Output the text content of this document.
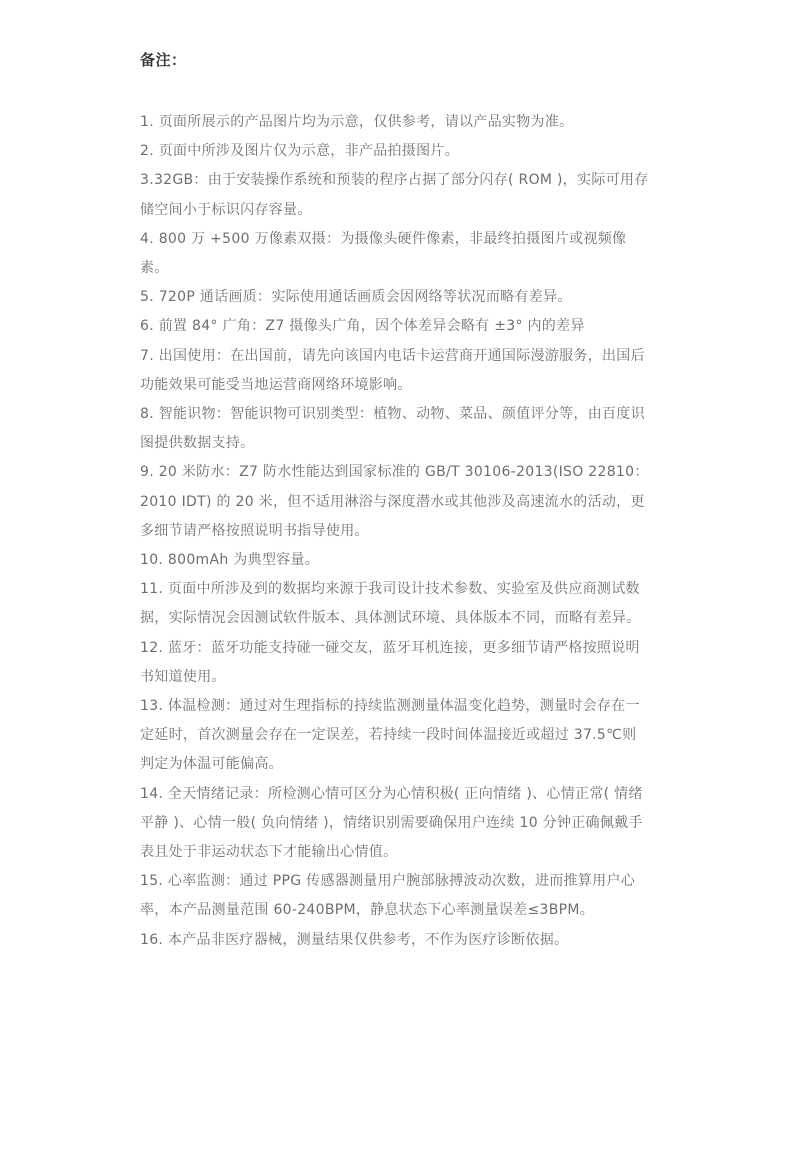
备注：
1. 页面所展示的产品图片均为示意，仅供参考，请以产品实物为准。
2. 页面中所涉及图片仅为示意，非产品拍摄图片。
3.32GB：由于安装操作系统和预装的程序占据了部分闪存( ROM )，实际可用存储空间小于标识闪存容量。
4. 800 万 +500 万像素双摄：为摄像头硬件像素，非最终拍摄图片或视频像素。
5. 720P 通话画质：实际使用通话画质会因网络等状况而略有差异。
6. 前置 84° 广角：Z7 摄像头广角，因个体差异会略有 ±3° 内的差异
7. 出国使用：在出国前，请先向该国内电话卡运营商开通国际漫游服务，出国后功能效果可能受当地运营商网络环境影响。
8. 智能识物：智能识物可识别类型：植物、动物、菜品、颜值评分等，由百度识图提供数据支持。
9. 20 米防水：Z7 防水性能达到国家标准的 GB/T 30106-2013(ISO 22810：2010 IDT) 的 20 米，但不适用淋浴与深度潜水或其他涉及高速流水的活动，更多细节请严格按照说明书指导使用。
10. 800mAh 为典型容量。
11. 页面中所涉及到的数据均来源于我司设计技术参数、实验室及供应商测试数据，实际情况会因测试软件版本、具体测试环境、具体版本不同，而略有差异。
12. 蓝牙：蓝牙功能支持碰一碰交友，蓝牙耳机连接，更多细节请严格按照说明书知道使用。
13. 体温检测：通过对生理指标的持续监测测量体温变化趋势，测量时会存在一定延时，首次测量会存在一定误差，若持续一段时间体温接近或超过 37.5℃则判定为体温可能偏高。
14. 全天情绪记录：所检测心情可区分为心情积极( 正向情绪 )、心情正常( 情绪平静 )、心情一般( 负向情绪 )，情绪识别需要确保用户连续 10 分钟正确佩戴手表且处于非运动状态下才能输出心情值。
15. 心率监测：通过 PPG 传感器测量用户腕部脉搏波动次数，进而推算用户心率，本产品测量范围 60-240BPM，静息状态下心率测量误差≤3BPM。
16. 本产品非医疗器械，测量结果仅供参考，不作为医疗诊断依据。
